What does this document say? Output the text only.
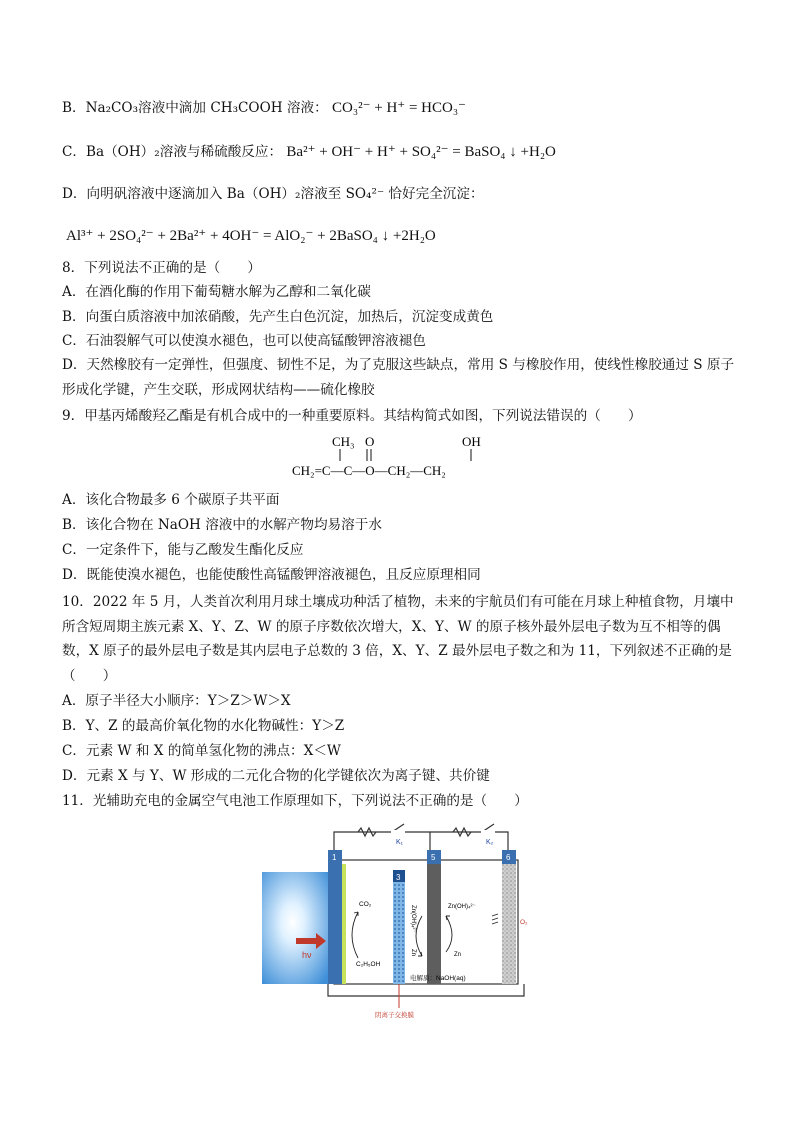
B．Na₂CO₃溶液中滴加 CH₃COOH 溶液： CO₃²⁻ + H⁺ = HCO₃⁻
C．Ba（OH）₂溶液与稀硫酸反应： Ba²⁺ + OH⁻ + H⁺ + SO₄²⁻ = BaSO₄ ↓ +H₂O
D．向明矾溶液中逐滴加入 Ba（OH）₂溶液至 SO₄²⁻ 恰好完全沉淀：
Al³⁺ + 2SO₄²⁻ + 2Ba²⁺ + 4OH⁻ = AlO₂⁻ + 2BaSO₄ ↓ +2H₂O
8．下列说法不正确的是（　　）
A．在酒化酶的作用下葡萄糖水解为乙醇和二氧化碳
B．向蛋白质溶液中加浓硝酸，先产生白色沉淀，加热后，沉淀变成黄色
C．石油裂解气可以使溴水褪色，也可以使高锰酸钾溶液褪色
D．天然橡胶有一定弹性，但强度、韧性不足，为了克服这些缺点，常用 S 与橡胶作用，使线性橡胶通过 S 原子形成化学键，产生交联，形成网状结构——硫化橡胶
9．甲基丙烯酸羟乙酯是有机合成中的一种重要原料。其结构简式如图，下列说法错误的（　　）
CH₃ O	OH
CH₂=C—C—O—CH₂—CH₂
A．该化合物最多 6 个碳原子共平面
B．该化合物在 NaOH 溶液中的水解产物均易溶于水
C．一定条件下，能与乙酸发生酯化反应
D．既能使溴水褪色，也能使酸性高锰酸钾溶液褪色，且反应原理相同
10．2022 年 5 月，人类首次利用月球土壤成功种活了植物，未来的宇航员们有可能在月球上种植食物，月壤中所含短周期主族元素 X、Y、Z、W 的原子序数依次增大，X、Y、W 的原子核外最外层电子数为互不相等的偶数，X 原子的最外层电子数是其内层电子总数的 3 倍，X、Y、Z 最外层电子数之和为 11，下列叙述不正确的是（　　）
A．原子半径大小顺序：Y＞Z＞W＞X
B．Y、Z 的最高价氧化物的水化物碱性：Y＞Z
C．元素 W 和 X 的简单氢化物的沸点：X＜W
D．元素 X 与 Y、W 形成的二元化合物的化学键依次为离子键、共价键
11．光辅助充电的金属空气电池工作原理如下，下列说法不正确的是（　　）
K₁	K₂
1
3
5	6
hν
CO₂
C₂H₅OH
Zn(OH)₄²⁻
Zn
Zn(OH)₄²⁻
Zn
O₂
电解质：NaOH(aq)
阴离子交换膜
